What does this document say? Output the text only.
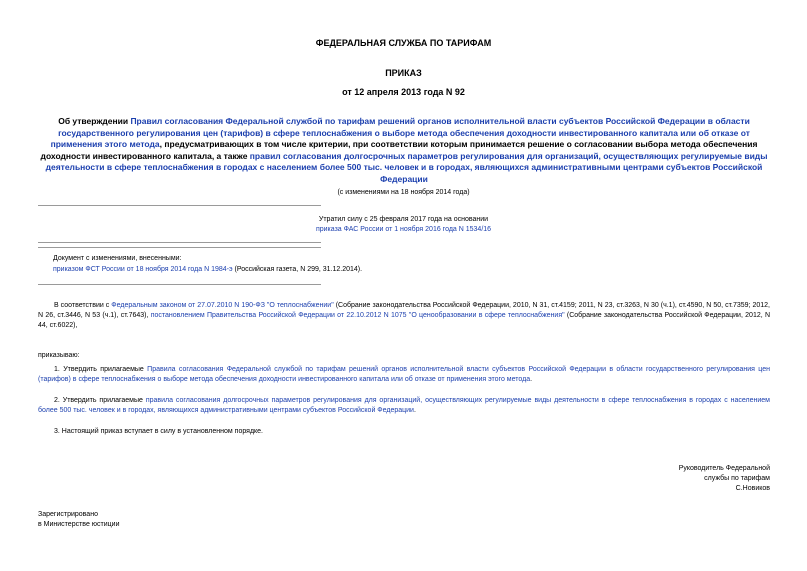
ФЕДЕРАЛЬНАЯ СЛУЖБА ПО ТАРИФАМ
ПРИКАЗ
от 12 апреля 2013 года N 92
Об утверждении Правил согласования Федеральной службой по тарифам решений органов исполнительной власти субъектов Российской Федерации в области государственного регулирования цен (тарифов) в сфере теплоснабжения о выборе метода обеспечения доходности инвестированного капитала или об отказе от применения этого метода, предусматривающих в том числе критерии, при соответствии которым принимается решение о согласовании выбора метода обеспечения доходности инвестированного капитала, а также правил согласования долгосрочных параметров регулирования для организаций, осуществляющих регулируемые виды деятельности в сфере теплоснабжения в городах с населением более 500 тыс. человек и в городах, являющихся административными центрами субъектов Российской Федерации
(с изменениями на 18 ноября 2014 года)
Утратил силу с 25 февраля 2017 года на основании
приказа ФАС России от 1 ноября 2016 года N 1534/16
Документ с изменениями, внесенными:
приказом ФСТ России от 18 ноября 2014 года N 1984-э (Российская газета, N 299, 31.12.2014).
В соответствии с Федеральным законом от 27.07.2010 N 190-ФЗ "О теплоснабжении" (Собрание законодательства Российской Федерации, 2010, N 31, ст.4159; 2011, N 23, ст.3263, N 30 (ч.1), ст.4590, N 50, ст.7359; 2012, N 26, ст.3446, N 53 (ч.1), ст.7643), постановлением Правительства Российской Федерации от 22.10.2012 N 1075 "О ценообразовании в сфере теплоснабжения" (Собрание законодательства Российской Федерации, 2012, N 44, ст.6022),
приказываю:
1. Утвердить прилагаемые Правила согласования Федеральной службой по тарифам решений органов исполнительной власти субъектов Российской Федерации в области государственного регулирования цен (тарифов) в сфере теплоснабжения о выборе метода обеспечения доходности инвестированного капитала или об отказе от применения этого метода.
2. Утвердить прилагаемые правила согласования долгосрочных параметров регулирования для организаций, осуществляющих регулируемые виды деятельности в сфере теплоснабжения в городах с населением более 500 тыс. человек и в городах, являющихся административными центрами субъектов Российской Федерации.
3. Настоящий приказ вступает в силу в установленном порядке.
Руководитель Федеральной
службы по тарифам
С.Новиков
Зарегистрировано
в Министерстве юстиции
